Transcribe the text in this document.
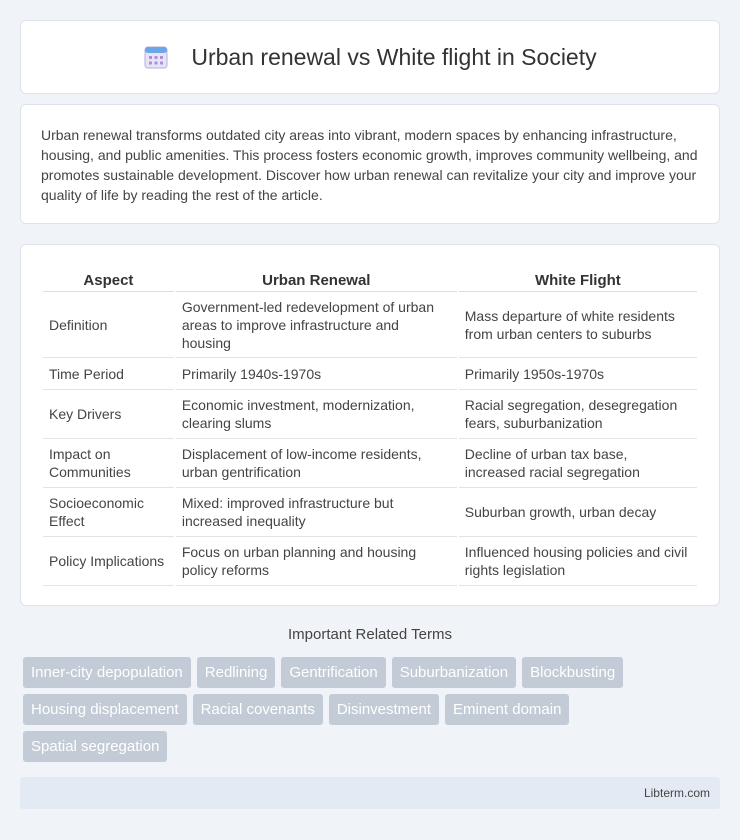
Urban renewal vs White flight in Society

Urban renewal transforms outdated city areas into vibrant, modern spaces by enhancing infrastructure, housing, and public amenities. This process fosters economic growth, improves community wellbeing, and promotes sustainable development. Discover how urban renewal can revitalize your city and improve your quality of life by reading the rest of the article.

Aspect	Urban Renewal	White Flight
Definition	Government-led redevelopment of urban areas to improve infrastructure and housing	Mass departure of white residents from urban centers to suburbs
Time Period	Primarily 1940s-1970s	Primarily 1950s-1970s
Key Drivers	Economic investment, modernization, clearing slums	Racial segregation, desegregation fears, suburbanization
Impact on Communities	Displacement of low-income residents, urban gentrification	Decline of urban tax base, increased racial segregation
Socioeconomic Effect	Mixed: improved infrastructure but increased inequality	Suburban growth, urban decay
Policy Implications	Focus on urban planning and housing policy reforms	Influenced housing policies and civil rights legislation
Important Related Terms
Inner-city depopulation	Redlining	Gentrification	Suburbanization	Blockbusting
Housing displacement	Racial covenants	Disinvestment	Eminent domain
Spatial segregation
Libterm.com
